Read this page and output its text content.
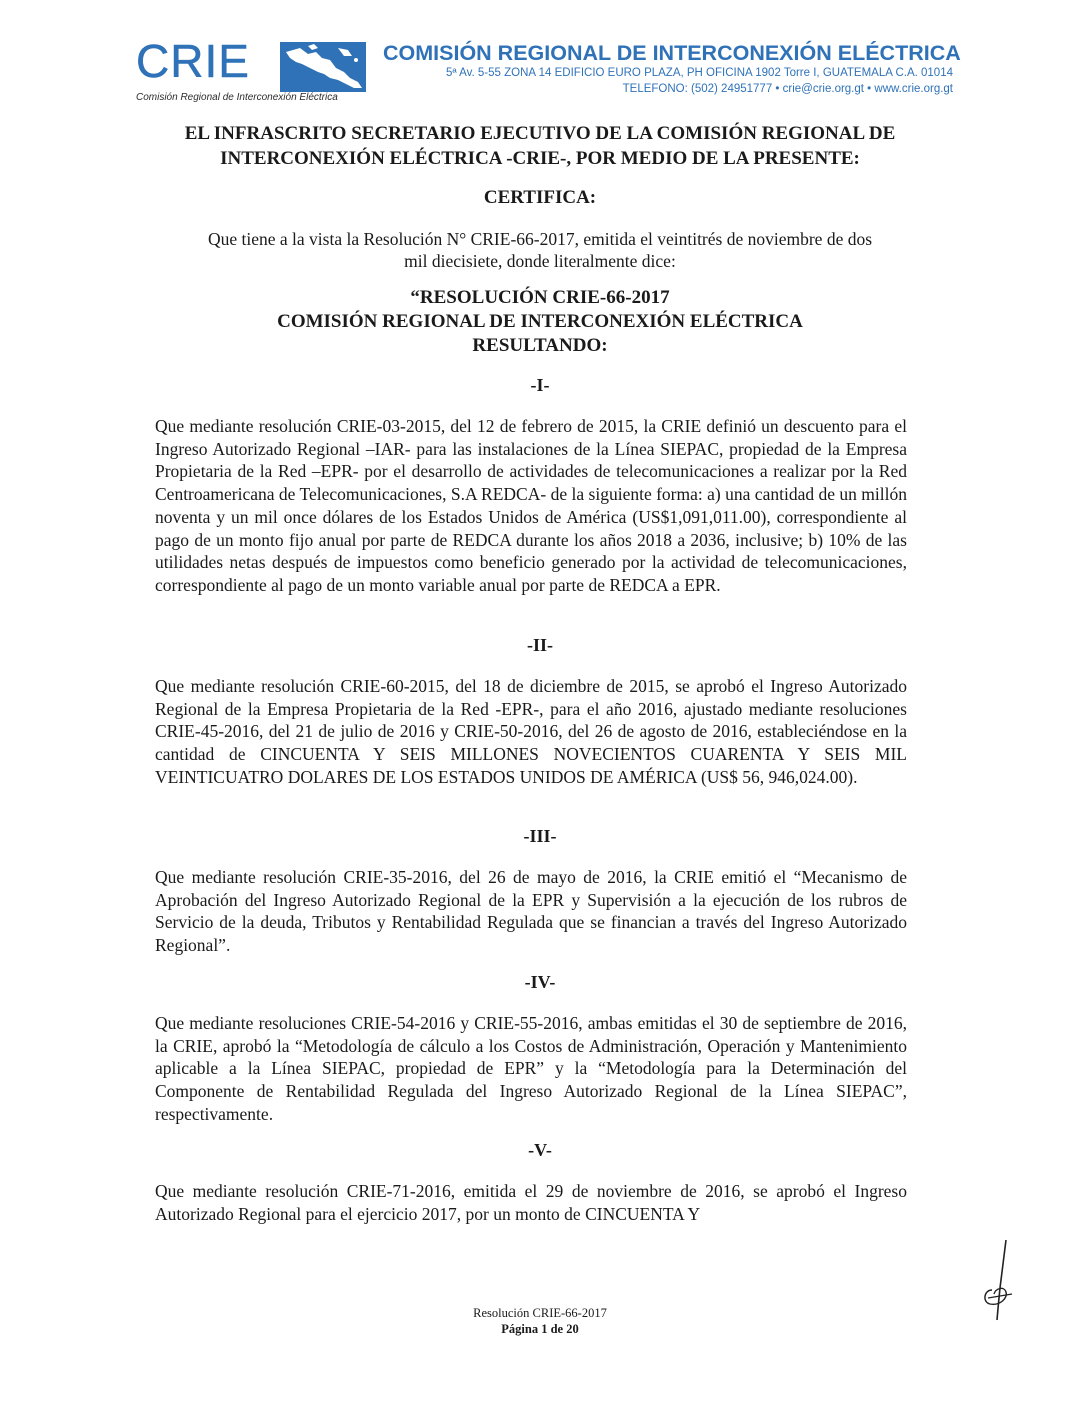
CRIE
Comisión Regional de Interconexión Eléctrica
COMISIÓN REGIONAL DE INTERCONEXIÓN ELÉCTRICA
5ª Av. 5-55 ZONA 14 EDIFICIO EURO PLAZA, PH OFICINA 1902 Torre I, GUATEMALA C.A. 01014
TELEFONO: (502) 24951777 • crie@crie.org.gt • www.crie.org.gt
EL INFRASCRITO SECRETARIO EJECUTIVO DE LA COMISIÓN REGIONAL DE
INTERCONEXIÓN ELÉCTRICA -CRIE-, POR MEDIO DE LA PRESENTE:
CERTIFICA:
Que tiene a la vista la Resolución N° CRIE-66-2017, emitida el veintitrés de noviembre de dos
mil diecisiete, donde literalmente dice:
“RESOLUCIÓN CRIE-66-2017
COMISIÓN REGIONAL DE INTERCONEXIÓN ELÉCTRICA
RESULTANDO:
-I-
Que mediante resolución CRIE-03-2015, del 12 de febrero de 2015, la CRIE definió un descuento para el Ingreso Autorizado Regional –IAR- para las instalaciones de la Línea SIEPAC, propiedad de la Empresa Propietaria de la Red –EPR- por el desarrollo de actividades de telecomunicaciones a realizar por la Red Centroamericana de Telecomunicaciones, S.A REDCA- de la siguiente forma: a) una cantidad de un millón noventa y un mil once dólares de los Estados Unidos de América (US$1,091,011.00), correspondiente al pago de un monto fijo anual por parte de REDCA durante los años 2018 a 2036, inclusive; b) 10% de las utilidades netas después de impuestos como beneficio generado por la actividad de telecomunicaciones, correspondiente al pago de un monto variable anual por parte de REDCA a EPR.
-II-
Que mediante resolución CRIE-60-2015, del 18 de diciembre de 2015, se aprobó el Ingreso Autorizado Regional de la Empresa Propietaria de la Red -EPR-, para el año 2016, ajustado mediante resoluciones CRIE-45-2016, del 21 de julio de 2016 y CRIE-50-2016, del 26 de agosto de 2016, estableciéndose en la cantidad de CINCUENTA Y SEIS MILLONES NOVECIENTOS CUARENTA Y SEIS MIL VEINTICUATRO DOLARES DE LOS ESTADOS UNIDOS DE AMÉRICA (US$ 56, 946,024.00).
-III-
Que mediante resolución CRIE-35-2016, del 26 de mayo de 2016, la CRIE emitió el “Mecanismo de Aprobación del Ingreso Autorizado Regional de la EPR y Supervisión a la ejecución de los rubros de Servicio de la deuda, Tributos y Rentabilidad Regulada que se financian a través del Ingreso Autorizado Regional”.
-IV-
Que mediante resoluciones CRIE-54-2016 y CRIE-55-2016, ambas emitidas el 30 de septiembre de 2016, la CRIE, aprobó la “Metodología de cálculo a los Costos de Administración, Operación y Mantenimiento aplicable a la Línea SIEPAC, propiedad de EPR” y la “Metodología para la Determinación del Componente de Rentabilidad Regulada del Ingreso Autorizado Regional de la Línea SIEPAC”, respectivamente.
-V-
Que mediante resolución CRIE-71-2016, emitida el 29 de noviembre de 2016, se aprobó el Ingreso Autorizado Regional para el ejercicio 2017, por un monto de CINCUENTA Y
Resolución CRIE-66-2017
Página 1 de 20
